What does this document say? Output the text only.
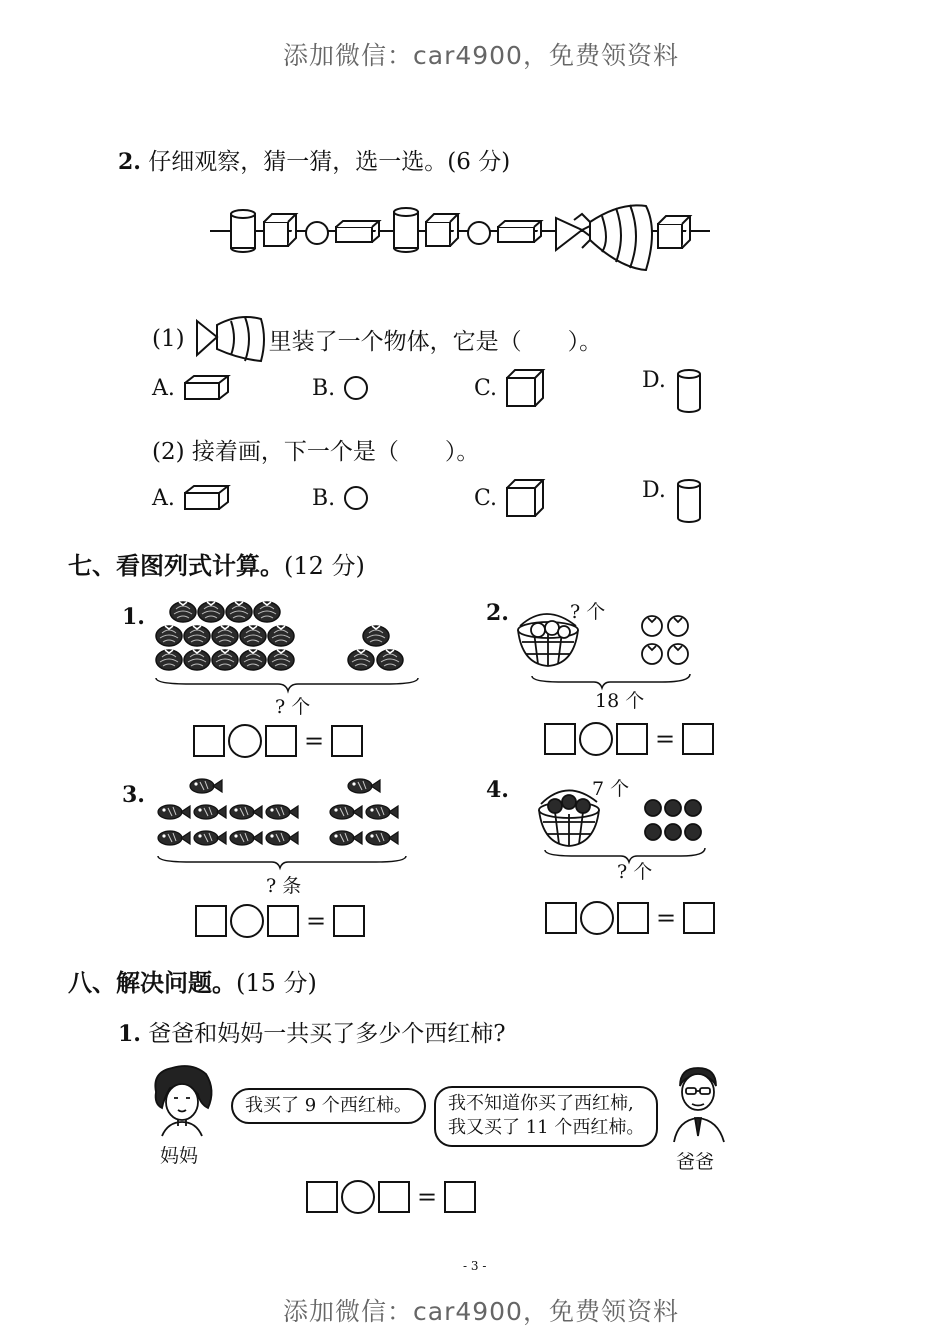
添加微信：car4900，免费领资料
2. 仔细观察，猜一猜，选一选。(6 分)
(1)	里装了一个物体，它是（　　）。
A.	B.	C.	D.
(2) 接着画，下一个是（　　）。
A.	B.	C.	D.
七、看图列式计算。(12 分)
1.
? 个
=
2.	? 个
18 个
=
3.
? 条
=
4.	7 个
? 个
=
八、解决问题。(15 分)
1. 爸爸和妈妈一共买了多少个西红柿?
妈妈
我买了 9 个西红柿。	我不知道你买了西红柿,
我又买了 11 个西红柿。
爸爸
=
- 3 -
添加微信：car4900，免费领资料
